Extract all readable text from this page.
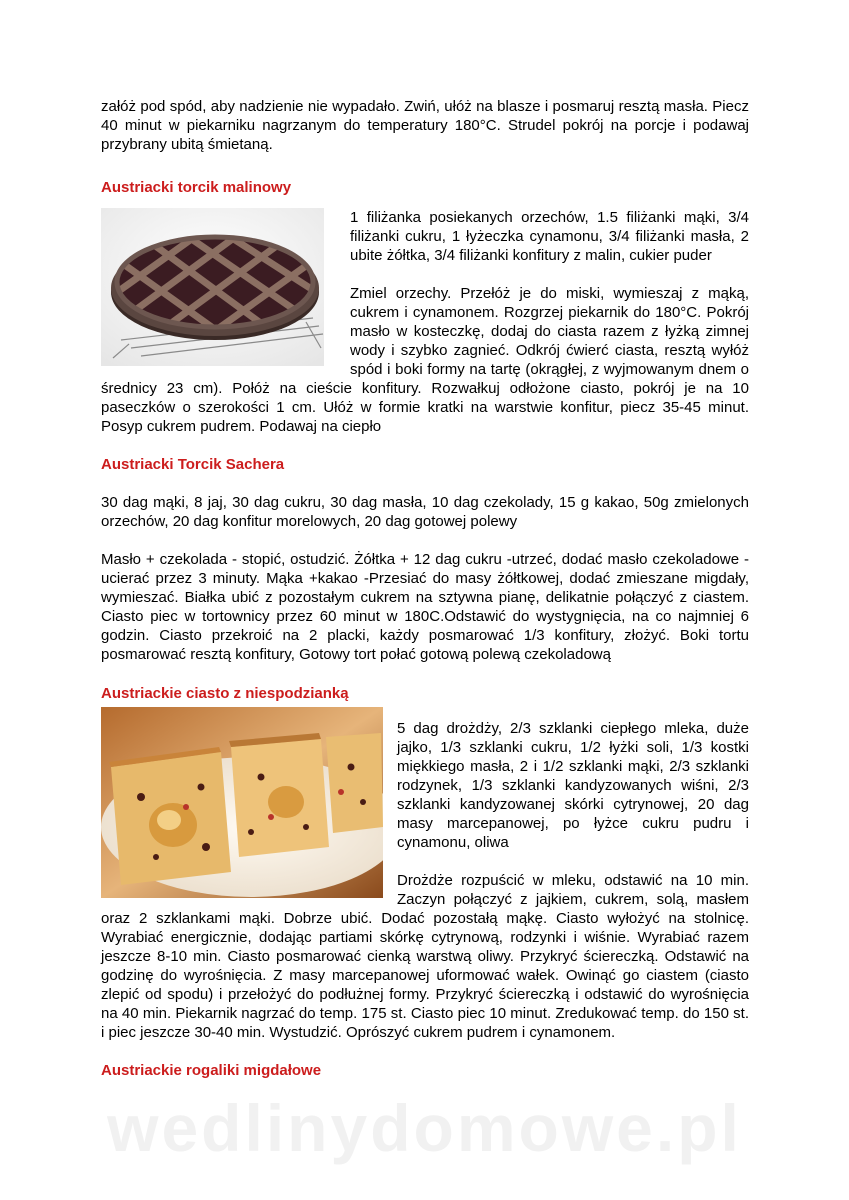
załóż pod spód, aby nadzienie nie wypadało. Zwiń, ułóż na blasze i posmaruj resztą masła. Piecz 40 minut w piekarniku nagrzanym do temperatury 180°C. Strudel pokrój na porcje i podawaj przybrany ubitą śmietaną.

Austriacki torcik malinowy

1 filiżanka posiekanych orzechów, 1.5 filiżanki mąki, 3/4 filiżanki cukru, 1 łyżeczka cynamonu, 3/4 filiżanki masła, 2 ubite żółtka, 3/4 filiżanki konfitury z malin, cukier puder

Zmiel orzechy. Przełóż je do miski, wymieszaj z mąką, cukrem i cynamonem. Rozgrzej piekarnik do 180°C. Pokrój masło w kosteczkę, dodaj do ciasta razem z łyżką zimnej wody i szybko zagnieć. Odkrój ćwierć ciasta, resztą wyłóż spód i boki formy na tartę (okrągłej, z wyjmowanym dnem o średnicy 23 cm). Połóż na cieście konfitury. Rozwałkuj odłożone ciasto, pokrój je na 10 paseczków o szerokości 1 cm. Ułóż w formie kratki na warstwie konfitur, piecz 35-45 minut. Posyp cukrem pudrem. Podawaj na ciepło

Austriacki Torcik Sachera

30 dag mąki, 8 jaj, 30 dag cukru, 30 dag masła, 10 dag czekolady, 15 g kakao, 50g zmielonych orzechów, 20 dag konfitur morelowych, 20 dag gotowej polewy

Masło + czekolada - stopić, ostudzić. Żółtka + 12 dag cukru -utrzeć, dodać masło czekoladowe - ucierać przez 3 minuty. Mąka +kakao -Przesiać do masy żółtkowej, dodać zmieszane migdały, wymieszać. Białka ubić z pozostałym cukrem na sztywna pianę, delikatnie połączyć z ciastem. Ciasto piec w tortownicy przez 60 minut w 180C.Odstawić do wystygnięcia, na co najmniej 6 godzin. Ciasto przekroić na 2 placki, każdy posmarować 1/3 konfitury, złożyć. Boki tortu posmarować resztą konfitury, Gotowy tort połać gotową polewą czekoladową

Austriackie ciasto z niespodzianką

5 dag drożdży, 2/3 szklanki ciepłego mleka, duże jajko, 1/3 szklanki cukru, 1/2 łyżki soli, 1/3 kostki miękkiego masła, 2 i 1/2 szklanki mąki, 2/3 szklanki rodzynek, 1/3 szklanki kandyzowanych wiśni, 2/3 szklanki kandyzowanej skórki cytrynowej, 20 dag masy marcepanowej, po łyżce cukru pudru i cynamonu, oliwa

Drożdże rozpuścić w mleku, odstawić na 10 min. Zaczyn połączyć z jajkiem, cukrem, solą, masłem oraz 2 szklankami mąki. Dobrze ubić. Dodać pozostałą mąkę. Ciasto wyłożyć na stolnicę. Wyrabiać energicznie, dodając partiami skórkę cytrynową, rodzynki i wiśnie. Wyrabiać razem jeszcze 8-10 min. Ciasto posmarować cienką warstwą oliwy. Przykryć ściereczką. Odstawić na godzinę do wyrośnięcia. Z masy marcepanowej uformować wałek. Owinąć go ciastem (ciasto zlepić od spodu) i przełożyć do podłużnej formy. Przykryć ściereczką i odstawić do wyrośnięcia na 40 min. Piekarnik nagrzać do temp. 175 st. Ciasto piec 10 minut. Zredukować temp. do 150 st. i piec jeszcze 30-40 min. Wystudzić. Oprószyć cukrem pudrem i cynamonem.

Austriackie rogaliki migdałowe
wedlinydomowe.pl
